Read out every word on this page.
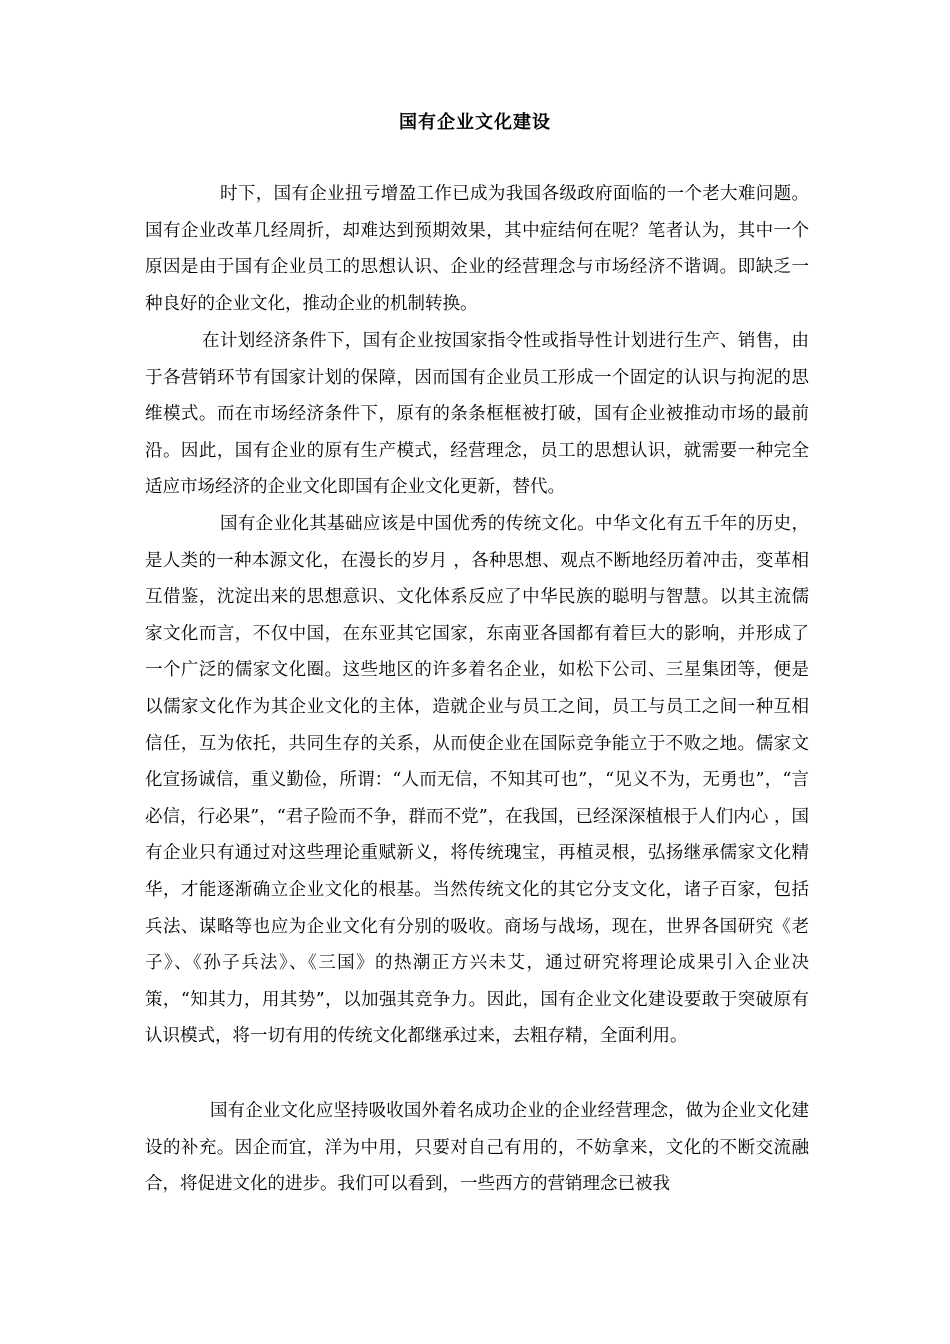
国有企业文化建设

时下，国有企业扭亏增盈工作已成为我国各级政府面临的一个老大难问题。国有企业改革几经周折，却难达到预期效果，其中症结何在呢？笔者认为，其中一个原因是由于国有企业员工的思想认识、企业的经营理念与市场经济不谐调。即缺乏一种良好的企业文化，推动企业的机制转换。

在计划经济条件下，国有企业按国家指令性或指导性计划进行生产、销售，由于各营销环节有国家计划的保障，因而国有企业员工形成一个固定的认识与拘泥的思维模式。而在市场经济条件下，原有的条条框框被打破，国有企业被推动市场的最前沿。因此，国有企业的原有生产模式，经营理念，员工的思想认识，就需要一种完全适应市场经济的企业文化即国有企业文化更新，替代。

国有企业化其基础应该是中国优秀的传统文化。中华文化有五千年的历史，是人类的一种本源文化，在漫长的岁月 ，各种思想、观点不断地经历着冲击，变革相互借鉴，沈淀出来的思想意识、文化体系反应了中华民族的聪明与智慧。以其主流儒家文化而言，不仅中国，在东亚其它国家，东南亚各国都有着巨大的影响，并形成了一个广泛的儒家文化圈。这些地区的许多着名企业，如松下公司、三星集团等，便是以儒家文化作为其企业文化的主体，造就企业与员工之间，员工与员工之间一种互相信任，互为依托，共同生存的关系，从而使企业在国际竞争能立于不败之地。儒家文化宣扬诚信，重义勤俭，所谓：“人而无信，不知其可也”，“见义不为，无勇也”，“言必信，行必果”，“君子险而不争，群而不党”，在我国，已经深深植根于人们内心 ，国有企业只有通过对这些理论重赋新义，将传统瑰宝，再植灵根，弘扬继承儒家文化精华，才能逐渐确立企业文化的根基。当然传统文化的其它分支文化，诸子百家，包括兵法、谋略等也应为企业文化有分别的吸收。商场与战场，现在，世界各国研究《老子》、《孙子兵法》、《三国》的热潮正方兴未艾，通过研究将理论成果引入企业决策，“知其力，用其势”，以加强其竞争力。因此，国有企业文化建设要敢于突破原有认识模式，将一切有用的传统文化都继承过来，去粗存精，全面利用。

国有企业文化应坚持吸收国外着名成功企业的企业经营理念，做为企业文化建设的补充。因企而宜，洋为中用，只要对自己有用的，不妨拿来，文化的不断交流融合，将促进文化的进步。我们可以看到，一些西方的营销理念已被我
